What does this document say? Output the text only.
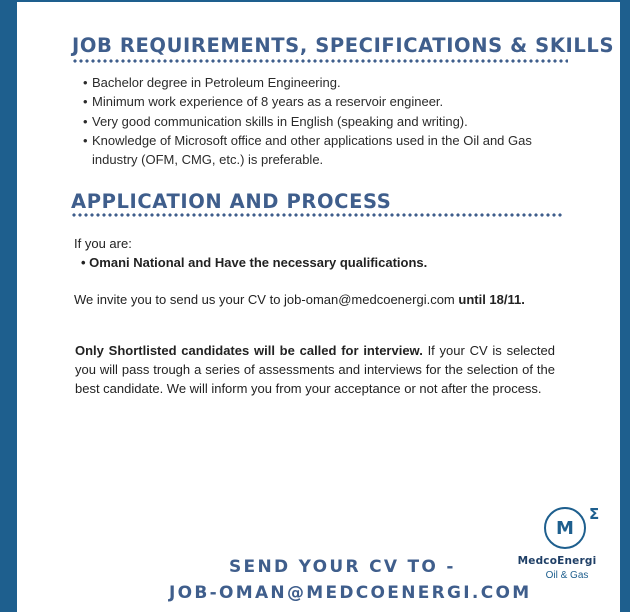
JOB REQUIREMENTS, SPECIFICATIONS & SKILLS
• Bachelor degree in Petroleum Engineering.
• Minimum work experience of 8 years as a reservoir engineer.
• Very good communication skills in English (speaking and writing).
• Knowledge of Microsoft office and other applications used in the Oil and Gas industry (OFM, CMG, etc.) is preferable.
APPLICATION AND PROCESS
If you are:
• Omani National and Have the necessary qualifications.
We invite you to send us your CV to job-oman@medcoenergi.com until 18/11.
Only Shortlisted candidates will be called for interview. If your CV is selected you will pass trough a series of assessments and interviews for the selection of the best candidate. We will inform you from your acceptance or not after the process.
SEND YOUR CV TO -
JOB-OMAN@MEDCOENERGI.COM
M
Σ
MedcoEnergi
Oil & Gas
